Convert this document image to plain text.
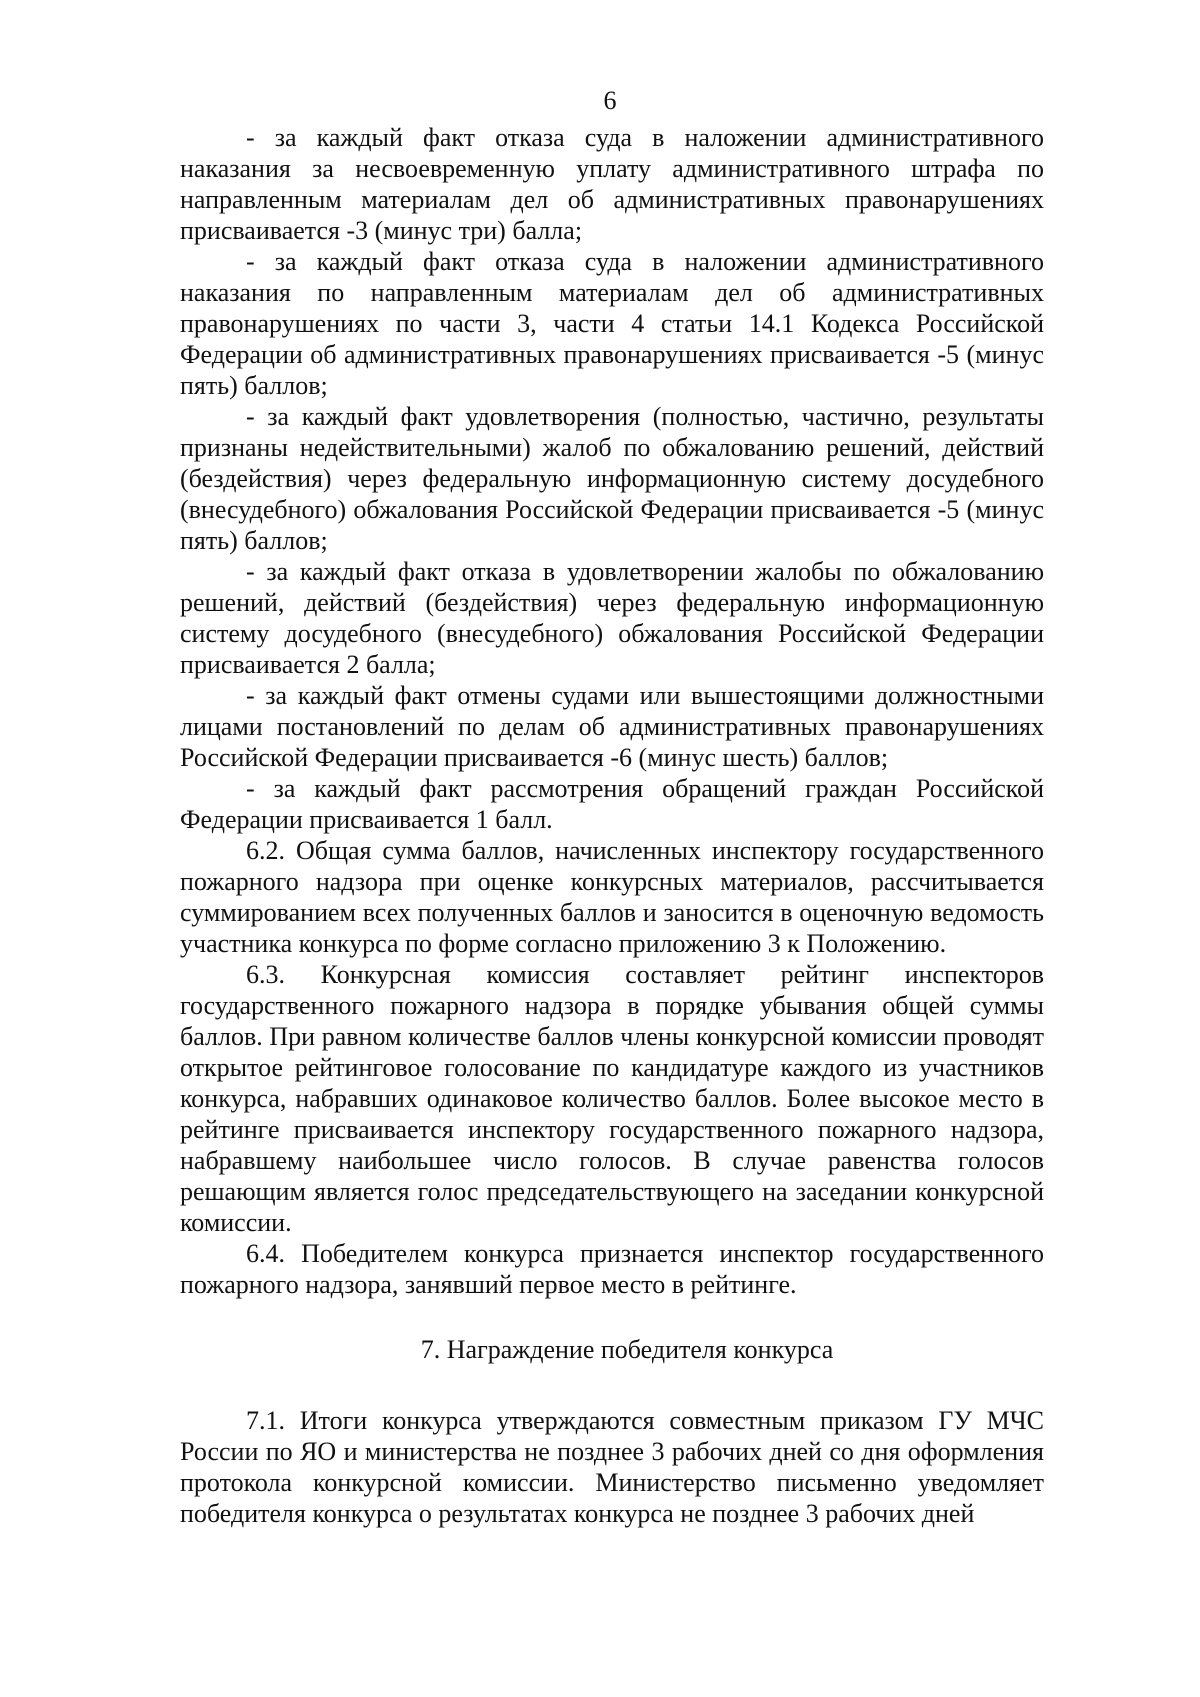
6

- за каждый факт отказа суда в наложении административного наказания за несвоевременную уплату административного штрафа по направленным материалам дел об административных правонарушениях присваивается -3 (минус три) балла;

- за каждый факт отказа суда в наложении административного наказания по направленным материалам дел об административных правонарушениях по части 3, части 4 статьи 14.1 Кодекса Российской Федерации об административных правонарушениях присваивается -5 (минус пять) баллов;

- за каждый факт удовлетворения (полностью, частично, результаты признаны недействительными) жалоб по обжалованию решений, действий (бездействия) через федеральную информационную систему досудебного (внесудебного) обжалования Российской Федерации присваивается -5 (минус пять) баллов;

- за каждый факт отказа в удовлетворении жалобы по обжалованию решений, действий (бездействия) через федеральную информационную систему досудебного (внесудебного) обжалования Российской Федерации присваивается 2 балла;

- за каждый факт отмены судами или вышестоящими должностными лицами постановлений по делам об административных правонарушениях Российской Федерации присваивается -6 (минус шесть) баллов;

- за каждый факт рассмотрения обращений граждан Российской Федерации присваивается 1 балл.

6.2. Общая сумма баллов, начисленных инспектору государственного пожарного надзора при оценке конкурсных материалов, рассчитывается суммированием всех полученных баллов и заносится в оценочную ведомость участника конкурса по форме согласно приложению 3 к Положению.

6.3. Конкурсная комиссия составляет рейтинг инспекторов государственного пожарного надзора в порядке убывания общей суммы баллов. При равном количестве баллов члены конкурсной комиссии проводят открытое рейтинговое голосование по кандидатуре каждого из участников конкурса, набравших одинаковое количество баллов. Более высокое место в рейтинге присваивается инспектору государственного пожарного надзора, набравшему наибольшее число голосов. В случае равенства голосов решающим является голос председательствующего на заседании конкурсной комиссии.

6.4. Победителем конкурса признается инспектор государственного пожарного надзора, занявший первое место в рейтинге.

7. Награждение победителя конкурса

7.1. Итоги конкурса утверждаются совместным приказом ГУ МЧС России по ЯО и министерства не позднее 3 рабочих дней со дня оформления протокола конкурсной комиссии. Министерство письменно уведомляет победителя конкурса о результатах конкурса не позднее 3 рабочих дней
